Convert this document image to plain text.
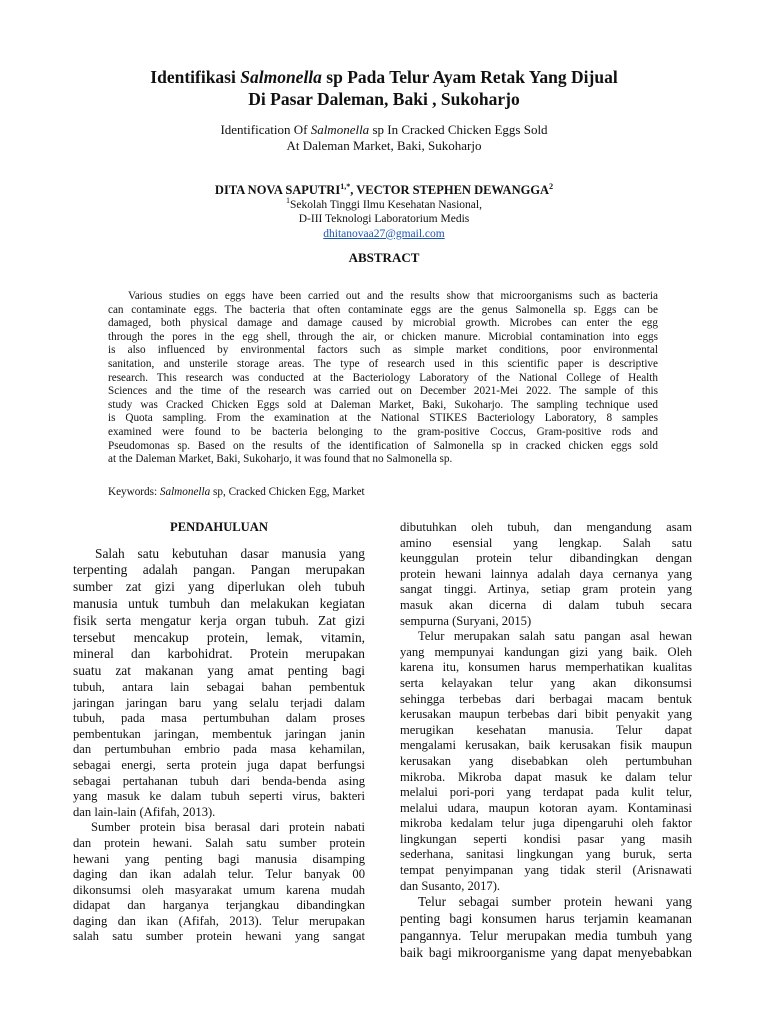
Identifikasi Salmonella sp Pada Telur Ayam Retak Yang Dijual
Di Pasar Daleman, Baki , Sukoharjo
Identification Of Salmonella sp In Cracked Chicken Eggs Sold
At Daleman Market, Baki, Sukoharjo
DITA NOVA $SAPUTRI^{1,*}$, VECTOR STEPHEN DEWANGGA$^2$
$^1$Sekolah Tinggi Ilmu Kesehatan Nasional,
D-III Teknologi Laboratorium Medis
dhitanovaa27@gmail.com
ABSTRACT
Various studies on eggs have been carried out and the results show that microorganisms such as bacteria
can contaminate eggs. The bacteria that often contaminate eggs are the genus Salmonella sp. Eggs can be
damaged, both physical damage and damage caused by microbial growth. Microbes can enter the egg
through the pores in the egg shell, through the air, or chicken manure. Microbial contamination into eggs
is also influenced by environmental factors such as simple market conditions, poor environmental
sanitation, and unsterile storage areas. The type of research used in this scientific paper is descriptive
research. This research was conducted at the Bacteriology Laboratory of the National College of Health
Sciences and the time of the research was carried out on December 2021-Mei 2022. The sample of this
study was Cracked Chicken Eggs sold at Daleman Market, Baki, Sukoharjo. The sampling technique used
is Quota sampling. From the examination at the National STIKES Bacteriology Laboratory, 8 samples
examined were found to be bacteria belonging to the gram-positive Coccus, Gram-positive rods and
Pseudomonas sp. Based on the results of the identification of Salmonella sp in cracked chicken eggs sold
at the Daleman Market, Baki, Sukoharjo, it was found that no Salmonella sp.
Keywords: Salmonella sp, Cracked Chicken Egg, Market
PENDAHULUAN
Salah satu kebutuhan dasar manusia yang
terpenting adalah pangan. Pangan merupakan
sumber zat gizi yang diperlukan oleh tubuh
manusia untuk tumbuh dan melakukan kegiatan
fisik serta mengatur kerja organ tubuh. Zat gizi
tersebut mencakup protein, lemak, vitamin,
mineral dan karbohidrat. Protein merupakan
suatu zat makanan yang amat penting bagi
tubuh, antara lain sebagai bahan pembentuk
jaringan jaringan baru yang selalu terjadi dalam
tubuh, pada masa pertumbuhan dalam proses
pembentukan jaringan, membentuk jaringan janin
dan pertumbuhan embrio pada masa kehamilan,
sebagai energi, serta protein juga dapat berfungsi
sebagai pertahanan tubuh dari benda-benda asing
yang masuk ke dalam tubuh seperti virus, bakteri
dan lain-lain (Afifah, 2013).
Sumber protein bisa berasal dari protein nabati
dan protein hewani. Salah satu sumber protein
hewani yang penting bagi manusia disamping
daging dan ikan adalah telur. Telur banyak 00
dikonsumsi oleh masyarakat umum karena mudah
didapat dan harganya terjangkau dibandingkan
daging dan ikan (Afifah, 2013). Telur merupakan
salah satu sumber protein hewani yang sangat
dibutuhkan oleh tubuh, dan mengandung asam
amino esensial yang lengkap. Salah satu
keunggulan protein telur dibandingkan dengan
protein hewani lainnya adalah daya cernanya yang
sangat tinggi. Artinya, setiap gram protein yang
masuk akan dicerna di dalam tubuh secara
sempurna (Suryani, 2015)
Telur merupakan salah satu pangan asal hewan
yang mempunyai kandungan gizi yang baik. Oleh
karena itu, konsumen harus memperhatikan kualitas
serta kelayakan telur yang akan dikonsumsi
sehingga terbebas dari berbagai macam bentuk
kerusakan maupun terbebas dari bibit penyakit yang
merugikan kesehatan manusia. Telur dapat
mengalami kerusakan, baik kerusakan fisik maupun
kerusakan yang disebabkan oleh pertumbuhan
mikroba. Mikroba dapat masuk ke dalam telur
melalui pori-pori yang terdapat pada kulit telur,
melalui udara, maupun kotoran ayam. Kontaminasi
mikroba kedalam telur juga dipengaruhi oleh faktor
lingkungan seperti kondisi pasar yang masih
sederhana, sanitasi lingkungan yang buruk, serta
tempat penyimpanan yang tidak steril (Arisnawati
dan Susanto, 2017).
Telur sebagai sumber protein hewani yang
penting bagi konsumen harus terjamin keamanan
pangannya. Telur merupakan media tumbuh yang
baik bagi mikroorganisme yang dapat menyebabkan
